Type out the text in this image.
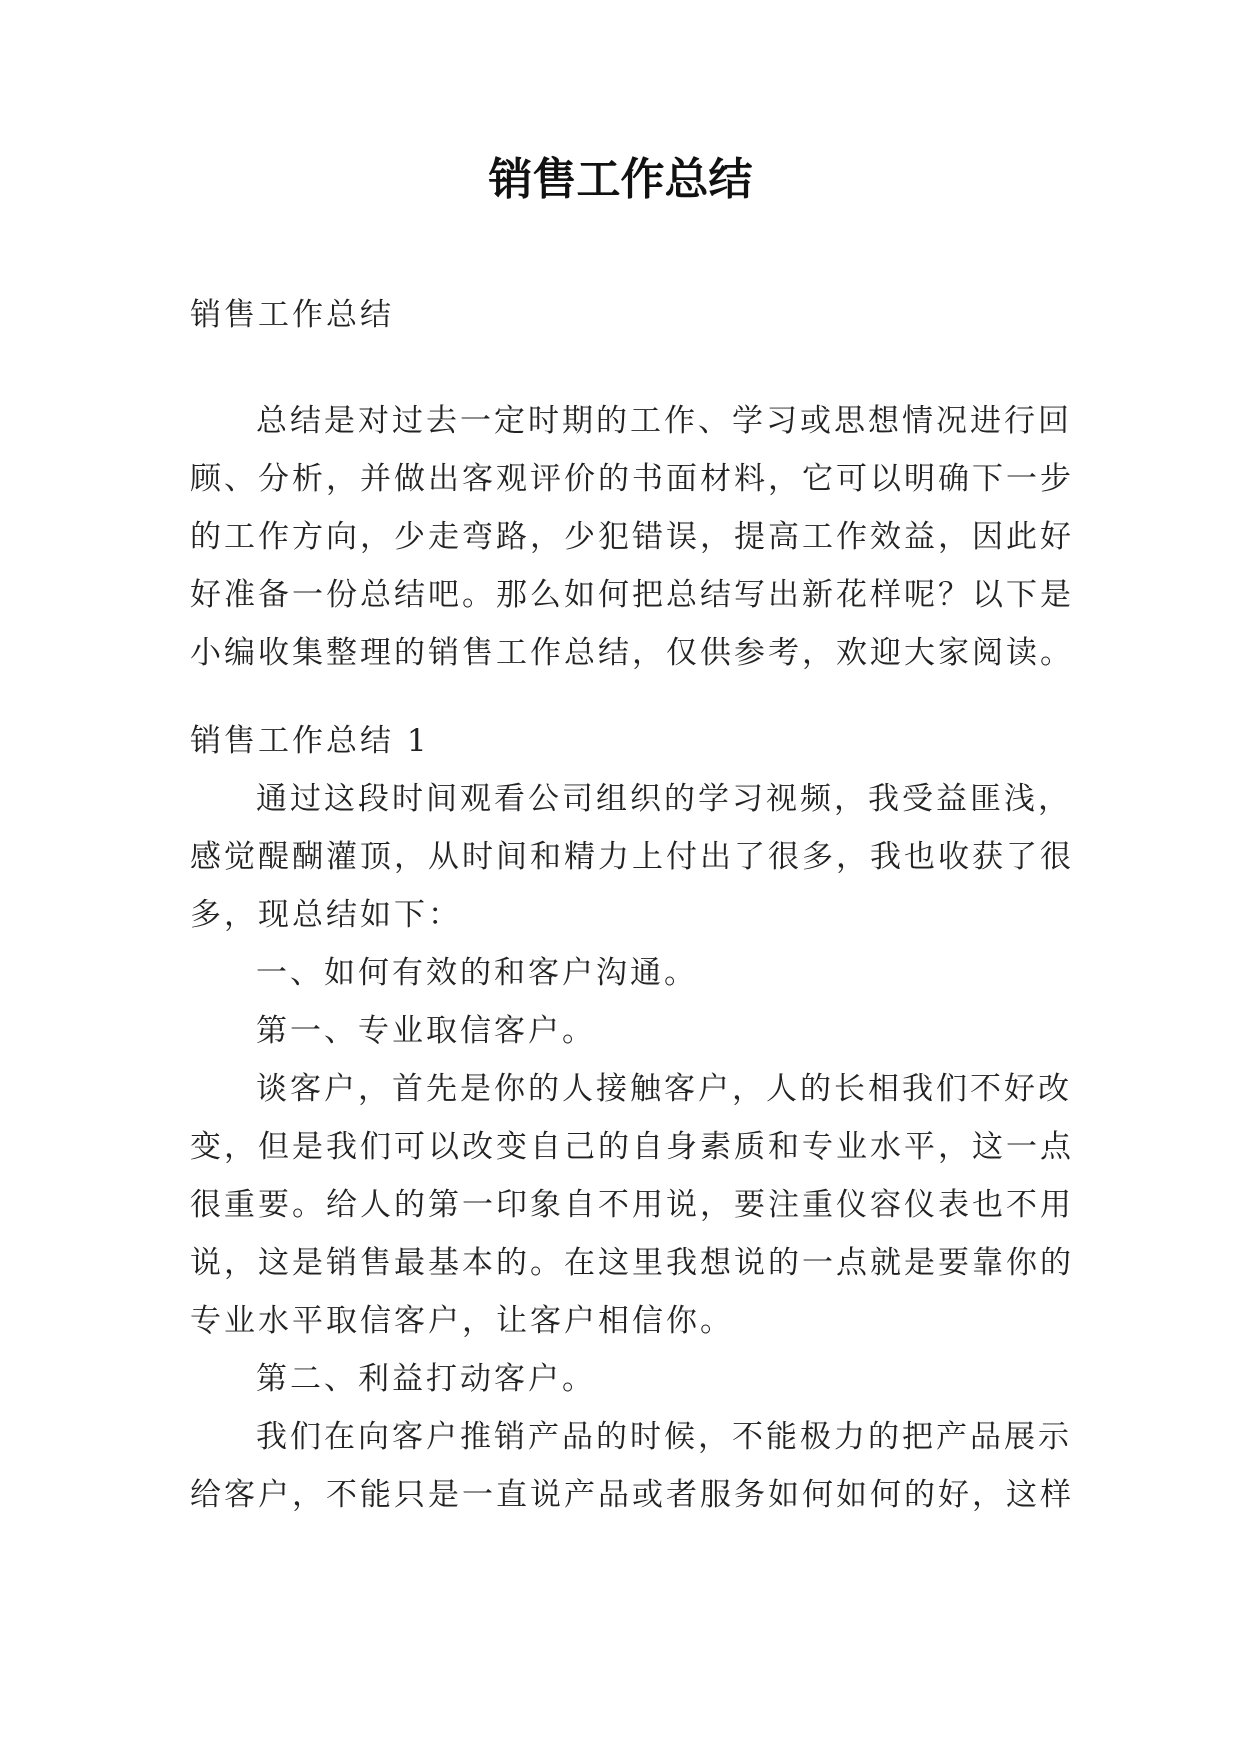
销售工作总结
销售工作总结
总结是对过去一定时期的工作、学习或思想情况进行回
顾、分析，并做出客观评价的书面材料，它可以明确下一步
的工作方向，少走弯路，少犯错误，提高工作效益，因此好
好准备一份总结吧。那么如何把总结写出新花样呢？以下是
小编收集整理的销售工作总结，仅供参考，欢迎大家阅读。
销售工作总结 1
通过这段时间观看公司组织的学习视频，我受益匪浅，
感觉醍醐灌顶，从时间和精力上付出了很多，我也收获了很
多，现总结如下：
一、如何有效的和客户沟通。
第一、专业取信客户。
谈客户，首先是你的人接触客户，人的长相我们不好改
变，但是我们可以改变自己的自身素质和专业水平，这一点
很重要。给人的第一印象自不用说，要注重仪容仪表也不用
说，这是销售最基本的。在这里我想说的一点就是要靠你的
专业水平取信客户，让客户相信你。
第二、利益打动客户。
我们在向客户推销产品的时候，不能极力的把产品展示
给客户，不能只是一直说产品或者服务如何如何的好，这样
